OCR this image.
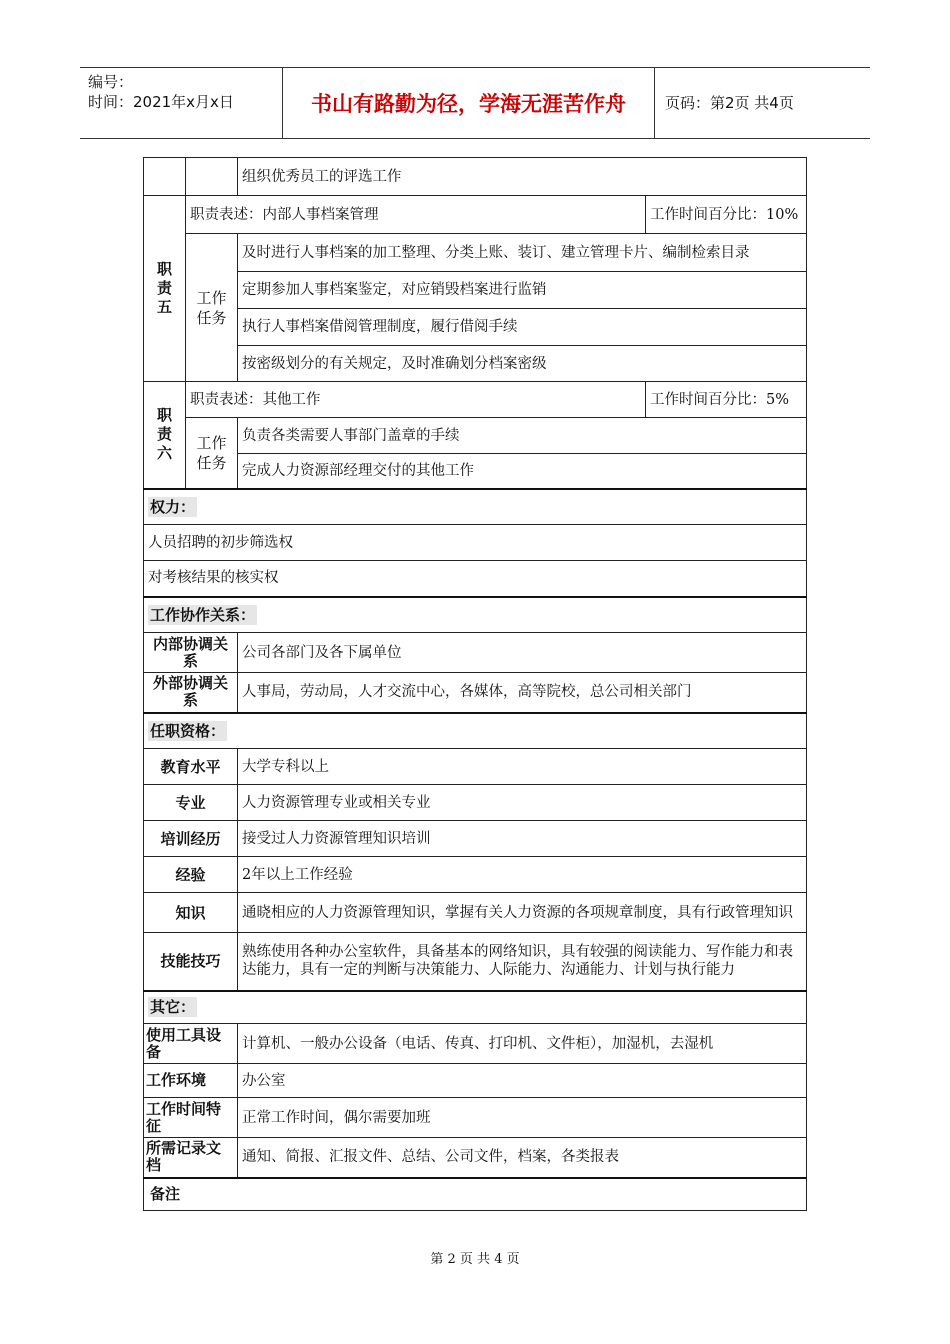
编号：
时间：2021年x月x日	书山有路勤为径，学海无涯苦作舟	页码：第2页 共4页
		组织优秀员工的评选工作	
职
责
五	职责表述：内部人事档案管理		工作时间百分比：10%
	工作
任务	及时进行人事档案的加工整理、分类上账、装订、建立管理卡片、编制检索目录	
		定期参加人事档案鉴定，对应销毁档案进行监销	
		执行人事档案借阅管理制度，履行借阅手续	
		按密级划分的有关规定，及时准确划分档案密级	
职
责
六	职责表述：其他工作		工作时间百分比：5%
	工作
任务	负责各类需要人事部门盖章的手续	
		完成人力资源部经理交付的其他工作	
权力：			
人员招聘的初步筛选权			
对考核结果的核实权			
工作协作关系：			
内部协调关系		公司各部门及各下属单位	
外部协调关系		人事局，劳动局，人才交流中心，各媒体，高等院校，总公司相关部门	
任职资格：			
教育水平		大学专科以上	
专业		人力资源管理专业或相关专业	
培训经历		接受过人力资源管理知识培训	
经验		2年以上工作经验	
知识		通晓相应的人力资源管理知识，掌握有关人力资源的各项规章制度，具有行政管理知识	
技能技巧		熟练使用各种办公室软件，具备基本的网络知识，具有较强的阅读能力、写作能力和表达能力，具有一定的判断与决策能力、人际能力、沟通能力、计划与执行能力	
其它：			
使用工具设备		计算机、一般办公设备（电话、传真、打印机、文件柜），加湿机，去湿机	
工作环境		办公室	
工作时间特征		正常工作时间，偶尔需要加班	
所需记录文档		通知、简报、汇报文件、总结、公司文件，档案，各类报表	
备注			
第 2 页 共 4 页
